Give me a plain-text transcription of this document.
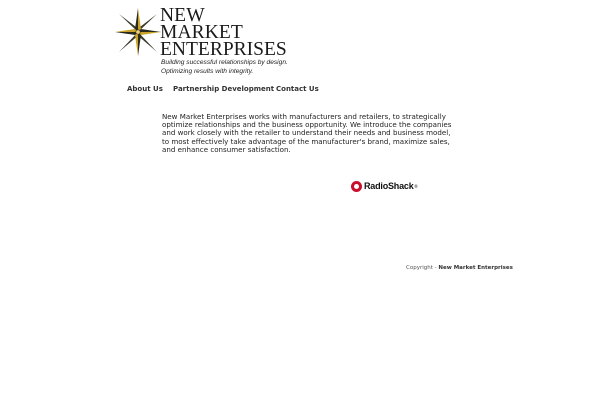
NEW
MARKET
ENTERPRISES
Building successful relationships by design.
Optimizing results with integrity.
About Us Partnership Development Contact Us

New Market Enterprises works with manufacturers and retailers, to strategically optimize relationships and the business opportunity. We introduce the companies and work closely with the retailer to understand their needs and business model, to most effectively take advantage of the manufacturer's brand, maximize sales, and enhance consumer satisfaction.

RadioShack ®
Copyright - New Market Enterprises
